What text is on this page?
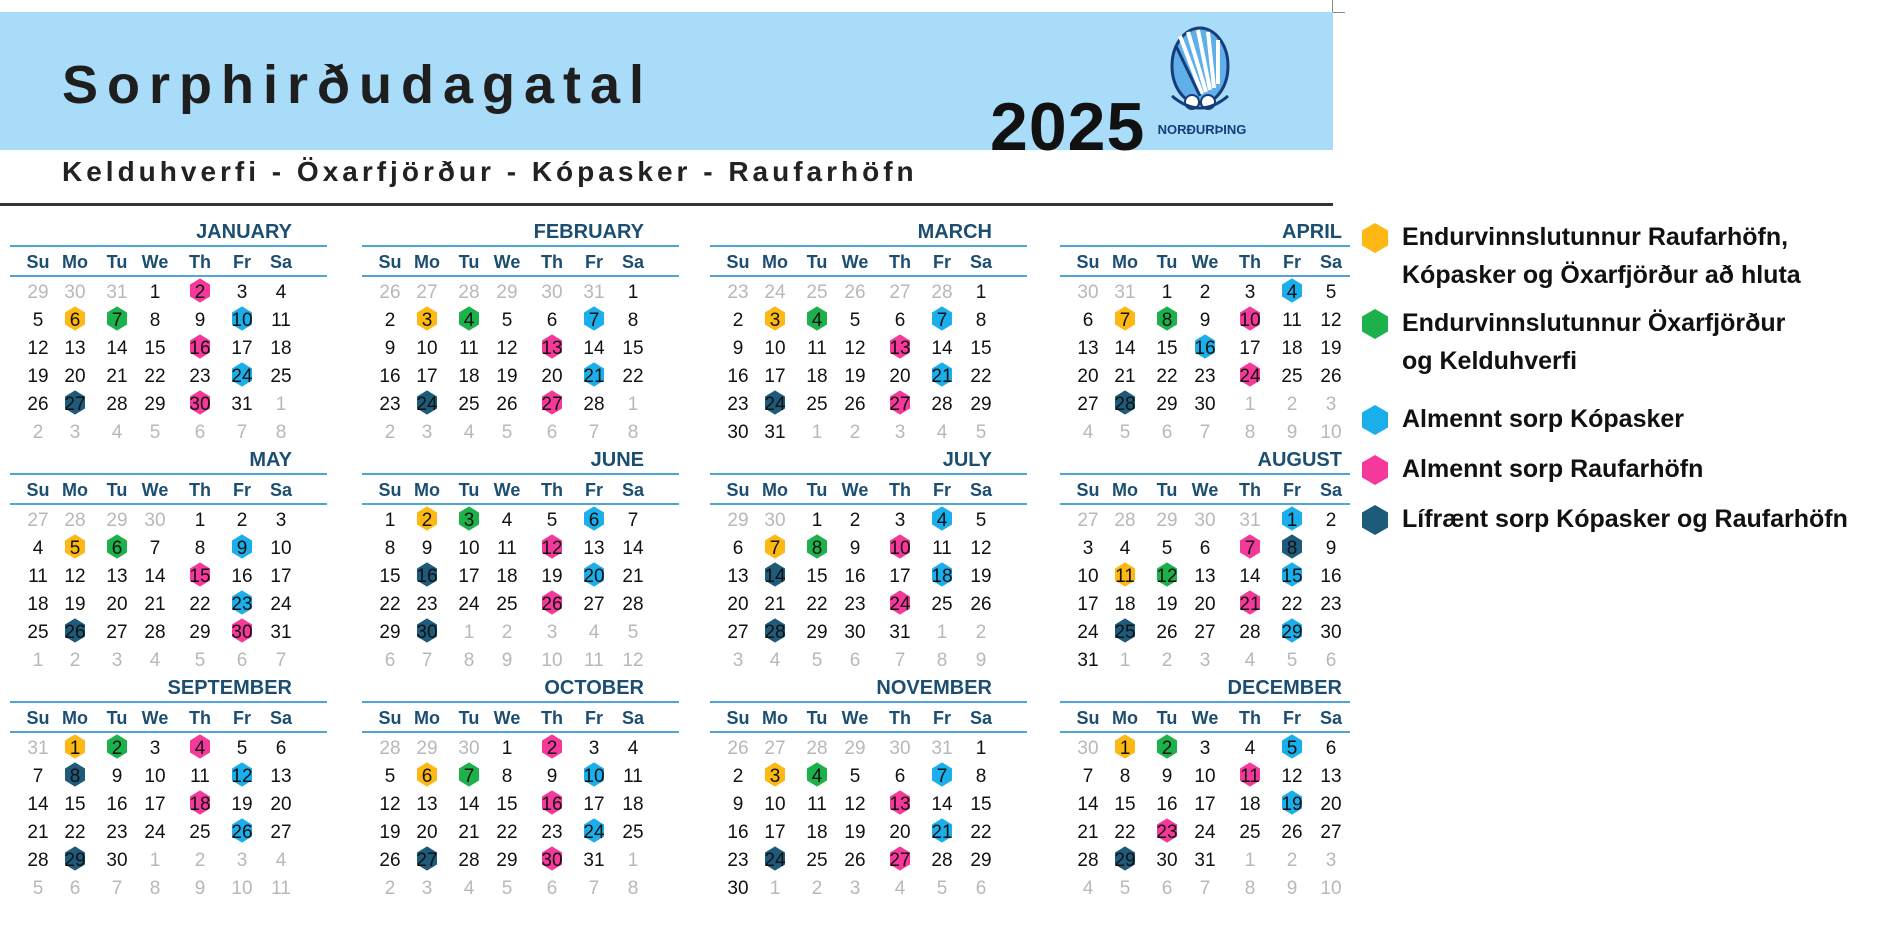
Sorphirðudagatal
2025 NORÐURÞING
Kelduhverfi - Öxarfjörður - Kópasker - Raufarhöfn
JANUARY
Su Mo Tu We Th Fr Sa
29 30 31 1 2 3 4
5 6 7 8 9 10 11
12 13 14 15 16 17 18
19 20 21 22 23 24 25
26 27 28 29 30 31 1
2 3 4 5 6 7 8
FEBRUARY
Su Mo Tu We Th Fr Sa
26 27 28 29 30 31 1
2 3 4 5 6 7 8
9 10 11 12 13 14 15
16 17 18 19 20 21 22
23 24 25 26 27 28 1
2 3 4 5 6 7 8
MARCH
Su Mo Tu We Th Fr Sa
23 24 25 26 27 28 1
2 3 4 5 6 7 8
9 10 11 12 13 14 15
16 17 18 19 20 21 22
23 24 25 26 27 28 29
30 31 1 2 3 4 5
APRIL
Su Mo Tu We Th Fr Sa
30 31 1 2 3 4 5
6 7 8 9 10 11 12
13 14 15 16 17 18 19
20 21 22 23 24 25 26
27 28 29 30 1 2 3
4 5 6 7 8 9 10
MAY
Su Mo Tu We Th Fr Sa
27 28 29 30 1 2 3
4 5 6 7 8 9 10
11 12 13 14 15 16 17
18 19 20 21 22 23 24
25 26 27 28 29 30 31
1 2 3 4 5 6 7
JUNE
Su Mo Tu We Th Fr Sa
1 2 3 4 5 6 7
8 9 10 11 12 13 14
15 16 17 18 19 20 21
22 23 24 25 26 27 28
29 30 1 2 3 4 5
6 7 8 9 10 11 12
JULY
Su Mo Tu We Th Fr Sa
29 30 1 2 3 4 5
6 7 8 9 10 11 12
13 14 15 16 17 18 19
20 21 22 23 24 25 26
27 28 29 30 31 1 2
3 4 5 6 7 8 9
AUGUST
Su Mo Tu We Th Fr Sa
27 28 29 30 31 1 2
3 4 5 6 7 8 9
10 11 12 13 14 15 16
17 18 19 20 21 22 23
24 25 26 27 28 29 30
31 1 2 3 4 5 6
SEPTEMBER
Su Mo Tu We Th Fr Sa
31 1 2 3 4 5 6
7 8 9 10 11 12 13
14 15 16 17 18 19 20
21 22 23 24 25 26 27
28 29 30 1 2 3 4
5 6 7 8 9 10 11
OCTOBER
Su Mo Tu We Th Fr Sa
28 29 30 1 2 3 4
5 6 7 8 9 10 11
12 13 14 15 16 17 18
19 20 21 22 23 24 25
26 27 28 29 30 31 1
2 3 4 5 6 7 8
NOVEMBER
Su Mo Tu We Th Fr Sa
26 27 28 29 30 31 1
2 3 4 5 6 7 8
9 10 11 12 13 14 15
16 17 18 19 20 21 22
23 24 25 26 27 28 29
30 1 2 3 4 5 6
DECEMBER
Su Mo Tu We Th Fr Sa
30 1 2 3 4 5 6
7 8 9 10 11 12 13
14 15 16 17 18 19 20
21 22 23 24 25 26 27
28 29 30 31 1 2 3
4 5 6 7 8 9 10
Endurvinnslutunnur Raufarhöfn,
Kópasker og Öxarfjörður að hluta
Endurvinnslutunnur Öxarfjörður
og Kelduhverfi
Almennt sorp Kópasker
Almennt sorp Raufarhöfn
Lífrænt sorp Kópasker og Raufarhöfn
